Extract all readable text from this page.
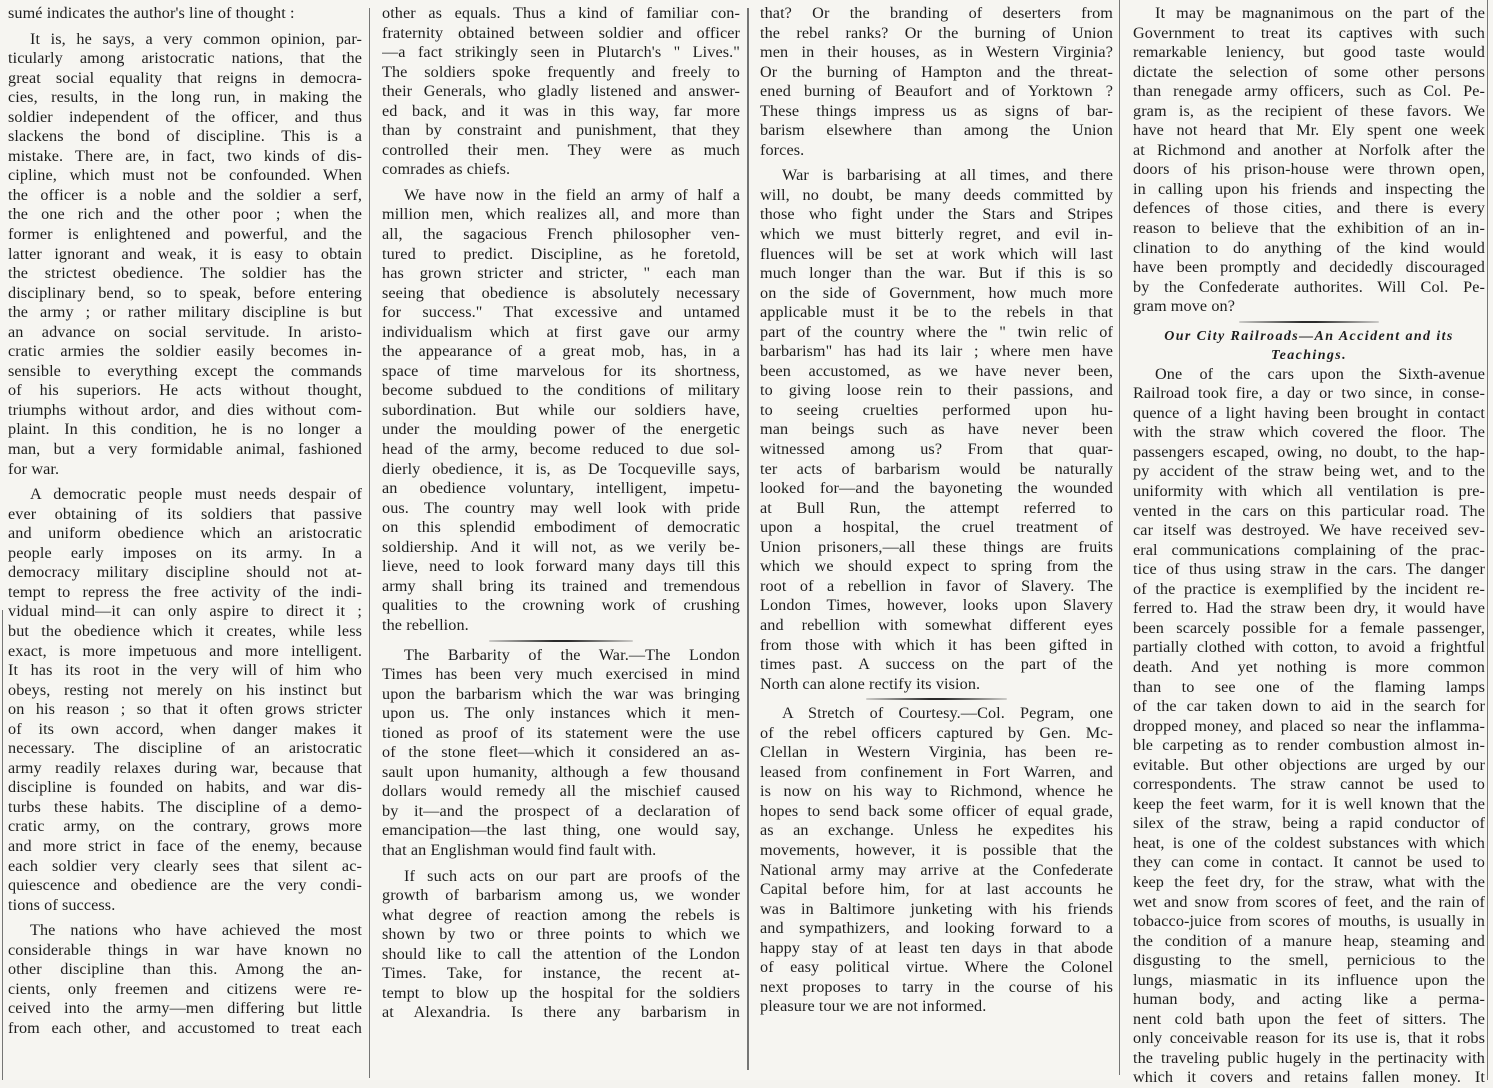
sumé indicates the author's line of thought :
It is, he says, a very common opinion, par-
ticularly among aristocratic nations, that the
great social equality that reigns in democra-
cies, results, in the long run, in making the
soldier independent of the officer, and thus
slackens the bond of discipline. This is a
mistake. There are, in fact, two kinds of dis-
cipline, which must not be confounded. When
the officer is a noble and the soldier a serf,
the one rich and the other poor ; when the
former is enlightened and powerful, and the
latter ignorant and weak, it is easy to obtain
the strictest obedience. The soldier has the
disciplinary bend, so to speak, before entering
the army ; or rather military discipline is but
an advance on social servitude. In aristo-
cratic armies the soldier easily becomes in-
sensible to everything except the commands
of his superiors. He acts without thought,
triumphs without ardor, and dies without com-
plaint. In this condition, he is no longer a
man, but a very formidable animal, fashioned
for war.
A democratic people must needs despair of
ever obtaining of its soldiers that passive
and uniform obedience which an aristocratic
people early imposes on its army. In a
democracy military discipline should not at-
tempt to repress the free activity of the indi-
vidual mind—it can only aspire to direct it ;
but the obedience which it creates, while less
exact, is more impetuous and more intelligent.
It has its root in the very will of him who
obeys, resting not merely on his instinct but
on his reason ; so that it often grows stricter
of its own accord, when danger makes it
necessary. The discipline of an aristocratic
army readily relaxes during war, because that
discipline is founded on habits, and war dis-
turbs these habits. The discipline of a demo-
cratic army, on the contrary, grows more
and more strict in face of the enemy, because
each soldier very clearly sees that silent ac-
quiescence and obedience are the very condi-
tions of success.
The nations who have achieved the most
considerable things in war have known no
other discipline than this. Among the an-
cients, only freemen and citizens were re-
ceived into the army—men differing but little
from each other, and accustomed to treat each
other as equals. Thus a kind of familiar con-
fraternity obtained between soldier and officer
—a fact strikingly seen in Plutarch's " Lives."
The soldiers spoke frequently and freely to
their Generals, who gladly listened and answer-
ed back, and it was in this way, far more
than by constraint and punishment, that they
controlled their men. They were as much
comrades as chiefs.
We have now in the field an army of half a
million men, which realizes all, and more than
all, the sagacious French philosopher ven-
tured to predict. Discipline, as he foretold,
has grown stricter and stricter, " each man
seeing that obedience is absolutely necessary
for success." That excessive and untamed
individualism which at first gave our army
the appearance of a great mob, has, in a
space of time marvelous for its shortness,
become subdued to the conditions of military
subordination. But while our soldiers have,
under the moulding power of the energetic
head of the army, become reduced to due sol-
dierly obedience, it is, as De Tocqueville says,
an obedience voluntary, intelligent, impetu-
ous. The country may well look with pride
on this splendid embodiment of democratic
soldiership. And it will not, as we verily be-
lieve, need to look forward many days till this
army shall bring its trained and tremendous
qualities to the crowning work of crushing
the rebellion.
The Barbarity of the War.—The London
Times has been very much exercised in mind
upon the barbarism which the war was bringing
upon us. The only instances which it men-
tioned as proof of its statement were the use
of the stone fleet—which it considered an as-
sault upon humanity, although a few thousand
dollars would remedy all the mischief caused
by it—and the prospect of a declaration of
emancipation—the last thing, one would say,
that an Englishman would find fault with.
If such acts on our part are proofs of the
growth of barbarism among us, we wonder
what degree of reaction among the rebels is
shown by two or three points to which we
should like to call the attention of the London
Times. Take, for instance, the recent at-
tempt to blow up the hospital for the soldiers
at Alexandria. Is there any barbarism in
that? Or the branding of deserters from
the rebel ranks? Or the burning of Union
men in their houses, as in Western Virginia?
Or the burning of Hampton and the threat-
ened burning of Beaufort and of Yorktown ?
These things impress us as signs of bar-
barism elsewhere than among the Union
forces.
War is barbarising at all times, and there
will, no doubt, be many deeds committed by
those who fight under the Stars and Stripes
which we must bitterly regret, and evil in-
fluences will be set at work which will last
much longer than the war. But if this is so
on the side of Government, how much more
applicable must it be to the rebels in that
part of the country where the " twin relic of
barbarism" has had its lair ; where men have
been accustomed, as we have never been,
to giving loose rein to their passions, and
to seeing cruelties performed upon hu-
man beings such as have never been
witnessed among us? From that quar-
ter acts of barbarism would be naturally
looked for—and the bayoneting the wounded
at Bull Run, the attempt referred to
upon a hospital, the cruel treatment of
Union prisoners,—all these things are fruits
which we should expect to spring from the
root of a rebellion in favor of Slavery. The
London Times, however, looks upon Slavery
and rebellion with somewhat different eyes
from those with which it has been gifted in
times past. A success on the part of the
North can alone rectify its vision.
A Stretch of Courtesy.—Col. Pegram, one
of the rebel officers captured by Gen. Mc-
Clellan in Western Virginia, has been re-
leased from confinement in Fort Warren, and
is now on his way to Richmond, whence he
hopes to send back some officer of equal grade,
as an exchange. Unless he expedites his
movements, however, it is possible that the
National army may arrive at the Confederate
Capital before him, for at last accounts he
was in Baltimore junketing with his friends
and sympathizers, and looking forward to a
happy stay of at least ten days in that abode
of easy political virtue. Where the Colonel
next proposes to tarry in the course of his
pleasure tour we are not informed.
It may be magnanimous on the part of the
Government to treat its captives with such
remarkable leniency, but good taste would
dictate the selection of some other persons
than renegade army officers, such as Col. Pe-
gram is, as the recipient of these favors. We
have not heard that Mr. Ely spent one week
at Richmond and another at Norfolk after the
doors of his prison-house were thrown open,
in calling upon his friends and inspecting the
defences of those cities, and there is every
reason to believe that the exhibition of an in-
clination to do anything of the kind would
have been promptly and decidedly discouraged
by the Confederate authorites. Will Col. Pe-
gram move on?
Our City Railroads—An Accident and its
Teachings.
One of the cars upon the Sixth-avenue
Railroad took fire, a day or two since, in conse-
quence of a light having been brought in contact
with the straw which covered the floor. The
passengers escaped, owing, no doubt, to the hap-
py accident of the straw being wet, and to the
uniformity with which all ventilation is pre-
vented in the cars on this particular road. The
car itself was destroyed. We have received sev-
eral communications complaining of the prac-
tice of thus using straw in the cars. The danger
of the practice is exemplified by the incident re-
ferred to. Had the straw been dry, it would have
been scarcely possible for a female passenger,
partially clothed with cotton, to avoid a frightful
death. And yet nothing is more common
than to see one of the flaming lamps
of the car taken down to aid in the search for
dropped money, and placed so near the inflamma-
ble carpeting as to render combustion almost in-
evitable. But other objections are urged by our
correspondents. The straw cannot be used to
keep the feet warm, for it is well known that the
silex of the straw, being a rapid conductor of
heat, is one of the coldest substances with which
they can come in contact. It cannot be used to
keep the feet dry, for the straw, what with the
wet and snow from scores of feet, and the rain of
tobacco-juice from scores of mouths, is usually in
the condition of a manure heap, steaming and
disgusting to the smell, pernicious to the
lungs, miasmatic in its influence upon the
human body, and acting like a perma-
nent cold bath upon the feet of sitters. The
only conceivable reason for its use is, that it robs
the traveling public hugely in the pertinacity with
which it covers and retains fallen money. It
